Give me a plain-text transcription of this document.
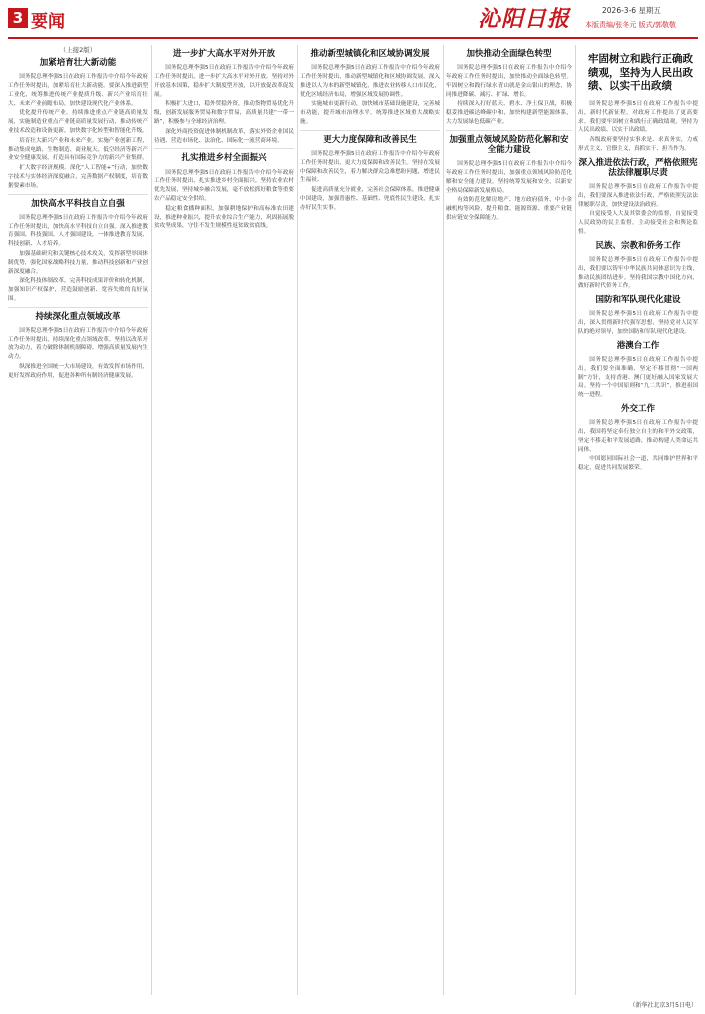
3 要闻	沁阳日报	2026-3-6 星期五
本版责编/张冬元 版式/郭敬敬
（上接2版）
加紧培育壮大新动能

国务院总理李强5日在政府工作报告中介绍今年政府工作任务时提出，加紧培育壮大新动能。要深入推进新型工业化，统筹推进传统产业提质升级、新兴产业培育壮大、未来产业前瞻布局，加快建设现代化产业体系。

优化提升传统产业。持续推进重点产业链高质量发展，实施制造业重点产业链高质量发展行动，推动传统产业技术改造和设备更新，加快数字化转型和智能化升级。

培育壮大新兴产业和未来产业。实施产业创新工程，推动集成电路、生物制造、商业航天、低空经济等新兴产业安全健康发展，打造具有国际竞争力的新兴产业集群。

扩大数字经济规模。深化“人工智能+”行动，加快数字技术与实体经济深度融合，完善数据产权制度，培育数据要素市场。

加快高水平科技自立自强

国务院总理李强5日在政府工作报告中介绍今年政府工作任务时提出，加快高水平科技自立自强。深入推进教育强国、科技强国、人才强国建设，一体推进教育发展、科技创新、人才培养。

加强基础研究和关键核心技术攻关，发挥新型举国体制优势，强化国家战略科技力量，推动科技创新和产业创新深度融合。

深化科技体制改革，完善科技成果评价和转化机制，加强知识产权保护，营造鼓励创新、宽容失败的良好氛围。

持续深化重点领域改革

国务院总理李强5日在政府工作报告中介绍今年政府工作任务时提出，持续深化重点领域改革。坚持以改革开放为动力，着力破除体制机制障碍，增强高质量发展内生动力。

纵深推进全国统一大市场建设，有效发挥市场作用，更好发挥政府作用，促进各种所有制经济健康发展。

进一步扩大高水平对外开放

国务院总理李强5日在政府工作报告中介绍今年政府工作任务时提出，进一步扩大高水平对外开放。坚持对外开放基本国策，稳步扩大制度型开放，以开放促改革促发展。

积极扩大进口，稳外贸稳外资，推动货物贸易优化升级，创新发展服务贸易和数字贸易，高质量共建“一带一路”，积极参与全球经济治理。

深化外商投资促进体制机制改革，落实外资企业国民待遇，营造市场化、法治化、国际化一流营商环境。

扎实推进乡村全面振兴

国务院总理李强5日在政府工作报告中介绍今年政府工作任务时提出，扎实推进乡村全面振兴。坚持农业农村优先发展，坚持城乡融合发展，毫不放松抓好粮食等重要农产品稳定安全供给。

稳定粮食播种面积，加强耕地保护和高标准农田建设，推进种业振兴，提升农业综合生产能力，巩固拓展脱贫攻坚成果，守住不发生规模性返贫致贫底线。

推动新型城镇化和区域协调发展

国务院总理李强5日在政府工作报告中介绍今年政府工作任务时提出，推动新型城镇化和区域协调发展。深入推进以人为本的新型城镇化，推进农业转移人口市民化，优化区域经济布局，增强区域发展协调性。

实施城市更新行动，加快城市基础设施建设，完善城市功能，提升城市治理水平，统筹推进区域重大战略实施。

更大力度保障和改善民生

国务院总理李强5日在政府工作报告中介绍今年政府工作任务时提出，更大力度保障和改善民生。坚持在发展中保障和改善民生，着力解决群众急难愁盼问题，增进民生福祉。

促进高质量充分就业，完善社会保障体系，推进健康中国建设，加强普惠性、基础性、兜底性民生建设，扎实办好民生实事。

加快推动全面绿色转型

国务院总理李强5日在政府工作报告中介绍今年政府工作任务时提出，加快推动全面绿色转型。牢固树立和践行绿水青山就是金山银山的理念，协同推进降碳、减污、扩绿、增长。

持续深入打好蓝天、碧水、净土保卫战，积极稳妥推进碳达峰碳中和，加快构建新型能源体系，大力发展绿色低碳产业。

加强重点领域风险防范化解和安全能力建设

国务院总理李强5日在政府工作报告中介绍今年政府工作任务时提出，加强重点领域风险防范化解和安全能力建设。坚持统筹发展和安全，以新安全格局保障新发展格局。

有效防范化解房地产、地方政府债务、中小金融机构等风险，提升粮食、能源资源、重要产业链供应链安全保障能力。

牢固树立和践行正确政绩观，坚持为人民出政绩、以实干出政绩

国务院总理李强5日在政府工作报告中提出，新时代新征程，对政府工作提出了更高要求。我们要牢固树立和践行正确政绩观，坚持为人民出政绩、以实干出政绩。

各级政府要坚持实事求是、求真务实，力戒形式主义、官僚主义，真抓实干、担当作为。

深入推进依法行政，严格依照宪法法律履职尽责

国务院总理李强5日在政府工作报告中提出，我们要深入推进依法行政，严格依照宪法法律履职尽责，加快建设法治政府。

自觉接受人大及其常委会的监督，自觉接受人民政协的民主监督，主动接受社会和舆论监督。

民族、宗教和侨务工作

国务院总理李强5日在政府工作报告中提出，我们要以铸牢中华民族共同体意识为主线，推动民族团结进步。坚持我国宗教中国化方向，做好新时代侨务工作。

国防和军队现代化建设

国务院总理李强5日在政府工作报告中提出，深入贯彻新时代强军思想，坚持党对人民军队的绝对领导，加快国防和军队现代化建设。

港澳台工作

国务院总理李强5日在政府工作报告中提出，我们要全面准确、坚定不移贯彻“一国两制”方针，支持香港、澳门更好融入国家发展大局。坚持一个中国原则和“九二共识”，推进祖国统一进程。

外交工作

国务院总理李强5日在政府工作报告中提出，我国将坚定奉行独立自主的和平外交政策，坚定不移走和平发展道路，推动构建人类命运共同体。

中国愿同国际社会一道，共同维护世界和平稳定，促进共同发展繁荣。

（新华社北京3月5日电）
